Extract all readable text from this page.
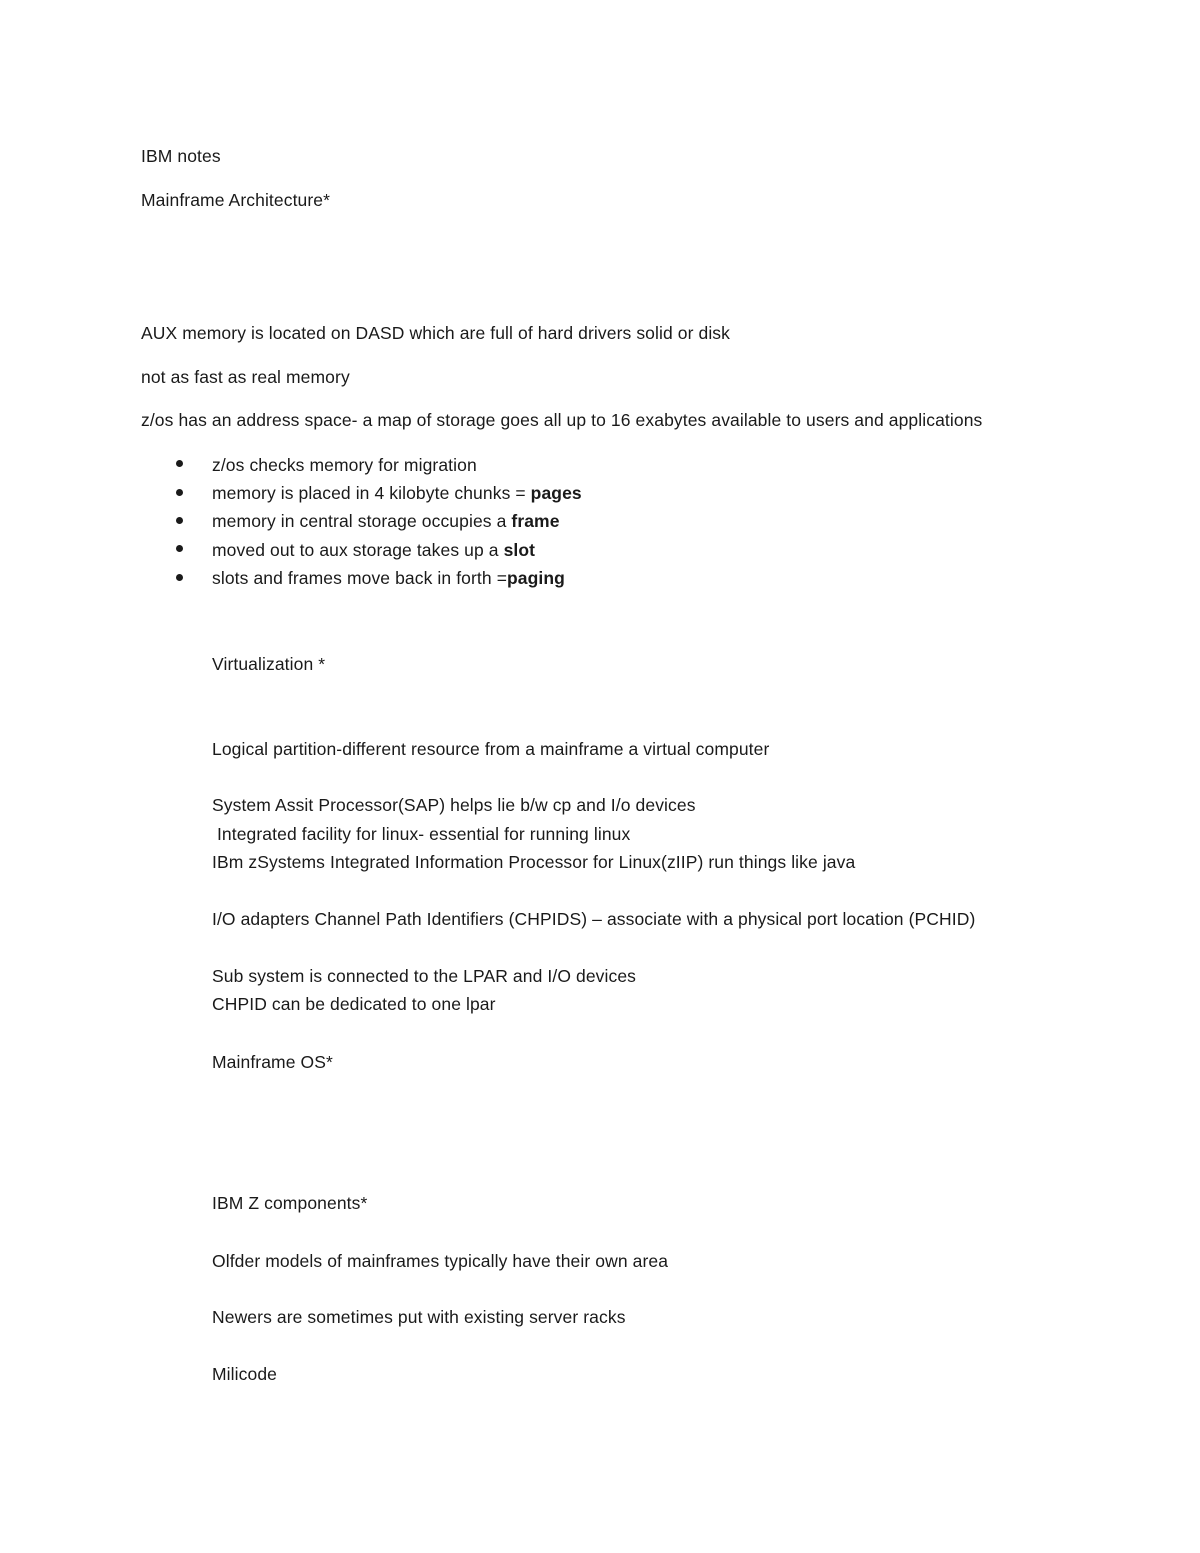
IBM notes
Mainframe Architecture*
AUX memory is located on DASD which are full of hard drivers solid or disk
not as fast as real memory
z/os has an address space- a map of storage goes all up to 16 exabytes available to users and applications
z/os checks memory for migration
memory is placed in 4 kilobyte chunks = pages
memory in central storage occupies a frame
moved out to aux storage takes up a slot
slots and frames move back in forth =paging
Virtualization *
Logical partition-different resource from a mainframe a virtual computer
System Assit Processor(SAP) helps lie b/w cp and I/o devices
Integrated facility for linux- essential for running linux
IBm zSystems Integrated Information Processor for Linux(zIIP) run things like java
I/O adapters Channel Path Identifiers (CHPIDS) – associate with a physical port location (PCHID)
Sub system is connected to the LPAR and I/O devices
CHPID can be dedicated to one lpar
Mainframe OS*
IBM Z components*
Olfder models of mainframes typically have their own area
Newers are sometimes put with existing server racks
Milicode
